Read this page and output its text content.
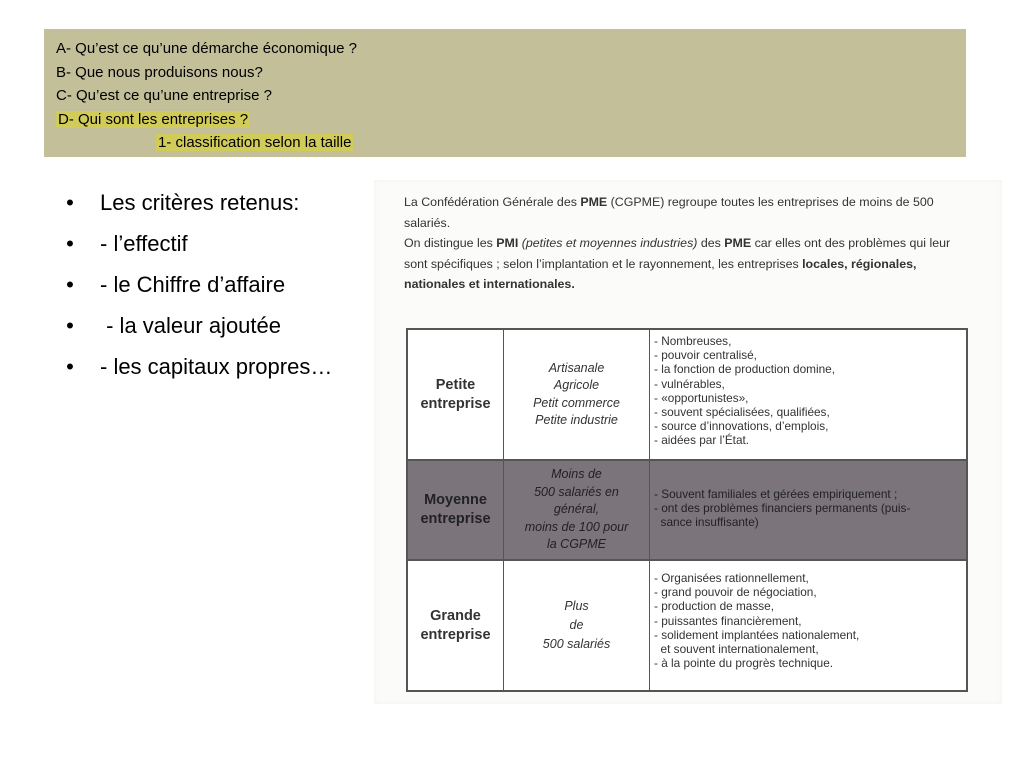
A- Qu’est ce qu’une démarche économique ?
B- Que nous produisons nous?
C- Qu’est ce qu’une entreprise ?
D- Qui sont les entreprises ?
1- classification selon la taille
• Les critères retenus:
• - l’effectif
• - le Chiffre d’affaire
• - la valeur ajoutée
• - les capitaux propres…
La Confédération Générale des PME (CGPME) regroupe toutes les entreprises de moins de 500 salariés.
On distingue les PMI (petites et moyennes industries) des PME car elles ont des problèmes qui leur sont spécifiques ; selon l’implantation et le rayonnement, les entreprises locales, régionales, nationales et internationales.
Petite
entreprise
Artisanale
Agricole
Petit commerce
Petite industrie
- Nombreuses,
- pouvoir centralisé,
- la fonction de production domine,
- vulnérables,
- «opportunistes»,
- souvent spécialisées, qualifiées,
- source d’innovations, d’emplois,
- aidées par l’État.
Moyenne
entreprise
Moins de
500 salariés en
général,
moins de 100 pour
la CGPME
- Souvent familiales et gérées empiriquement ;
- ont des problèmes financiers permanents (puis-
sance insuffisante)
Grande
entreprise
Plus
de
500 salariés
- Organisées rationnellement,
- grand pouvoir de négociation,
- production de masse,
- puissantes financièrement,
- solidement implantées nationalement,
et souvent internationalement,
- à la pointe du progrès technique.
